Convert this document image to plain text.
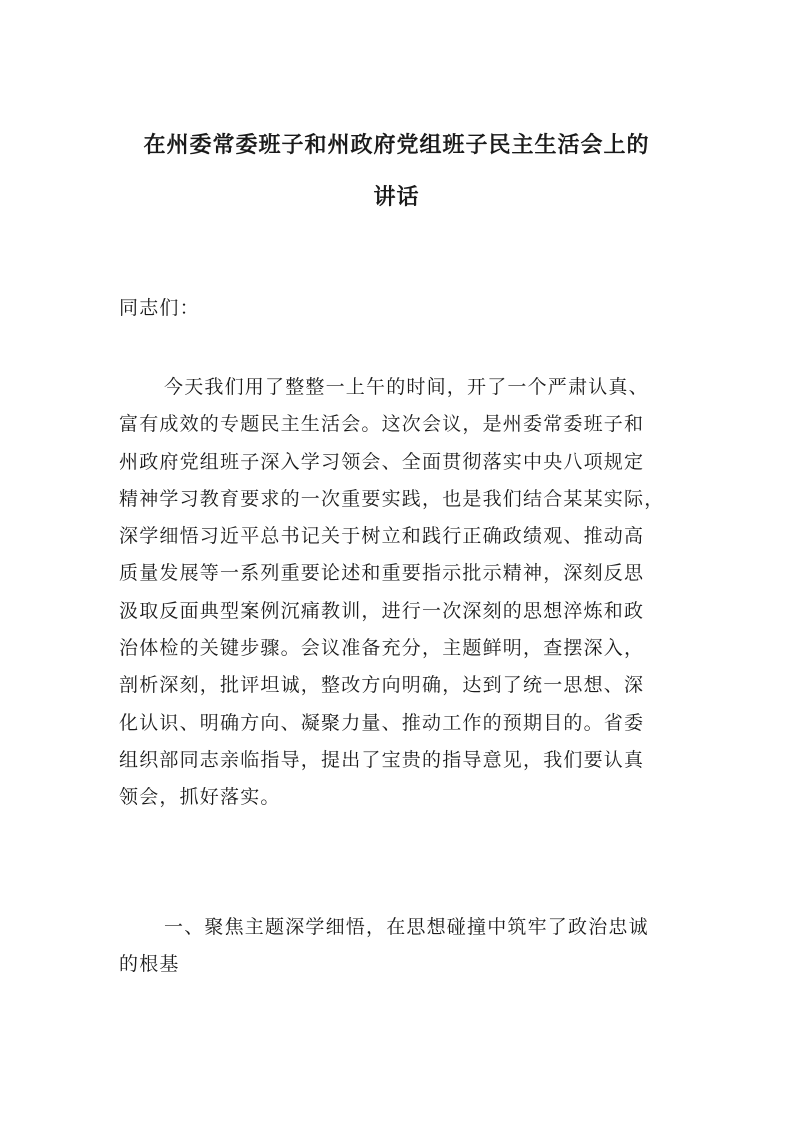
在州委常委班子和州政府党组班子民主生活会上的
讲话
同志们：
今天我们用了整整一上午的时间，开了一个严肃认真、
富有成效的专题民主生活会。这次会议，是州委常委班子和
州政府党组班子深入学习领会、全面贯彻落实中央八项规定
精神学习教育要求的一次重要实践，也是我们结合某某实际，
深学细悟习近平总书记关于树立和践行正确政绩观、推动高
质量发展等一系列重要论述和重要指示批示精神，深刻反思
汲取反面典型案例沉痛教训，进行一次深刻的思想淬炼和政
治体检的关键步骤。会议准备充分，主题鲜明，查摆深入，
剖析深刻，批评坦诚，整改方向明确，达到了统一思想、深
化认识、明确方向、凝聚力量、推动工作的预期目的。省委
组织部同志亲临指导，提出了宝贵的指导意见，我们要认真
领会，抓好落实。
一、聚焦主题深学细悟，在思想碰撞中筑牢了政治忠诚
的根基
